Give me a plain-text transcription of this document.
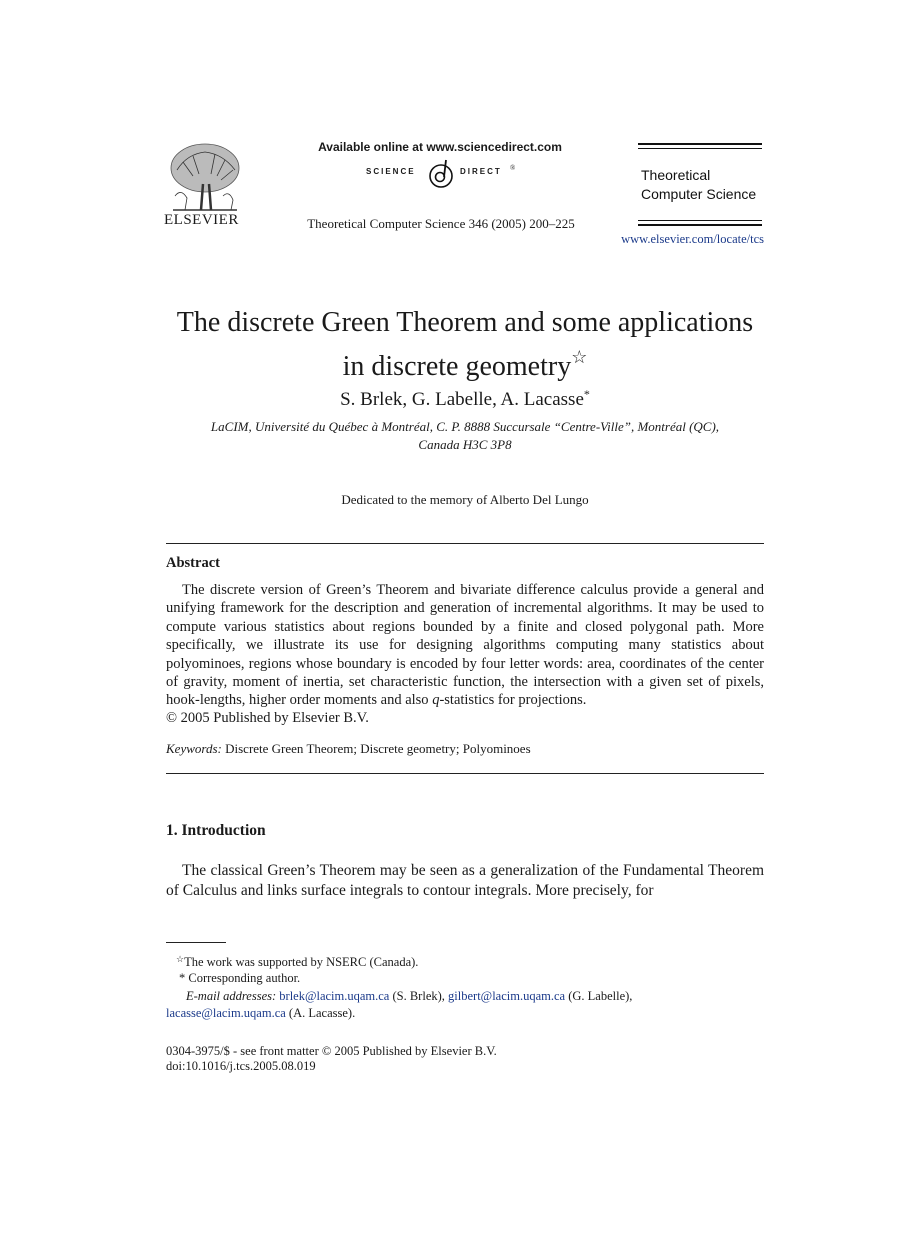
ELSEVIER
Available online at www.sciencedirect.com
SCIENCE	DIRECT ®
Theoretical Computer Science 346 (2005) 200–225
Theoretical
Computer Science
www.elsevier.com/locate/tcs
The discrete Green Theorem and some applications
in discrete geometry☆
S. Brlek, G. Labelle, A. Lacasse*
LaCIM, Université du Québec à Montréal, C. P. 8888 Succursale “Centre-Ville”, Montréal (QC),
Canada H3C 3P8
Dedicated to the memory of Alberto Del Lungo
Abstract
The discrete version of Green’s Theorem and bivariate difference calculus provide a general and unifying framework for the description and generation of incremental algorithms. It may be used to compute various statistics about regions bounded by a finite and closed polygonal path. More specifically, we illustrate its use for designing algorithms computing many statistics about polyominoes, regions whose boundary is encoded by four letter words: area, coordinates of the center of gravity, moment of inertia, set characteristic function, the intersection with a given set of pixels, hook-lengths, higher order moments and also q-statistics for projections.
© 2005 Published by Elsevier B.V.
Keywords: Discrete Green Theorem; Discrete geometry; Polyominoes
1. Introduction
The classical Green’s Theorem may be seen as a generalization of the Fundamental Theorem of Calculus and links surface integrals to contour integrals. More precisely, for
☆The work was supported by NSERC (Canada).
* Corresponding author.
E-mail addresses: brlek@lacim.uqam.ca (S. Brlek), gilbert@lacim.uqam.ca (G. Labelle),
lacasse@lacim.uqam.ca (A. Lacasse).
0304-3975/$ - see front matter © 2005 Published by Elsevier B.V.
doi:10.1016/j.tcs.2005.08.019
